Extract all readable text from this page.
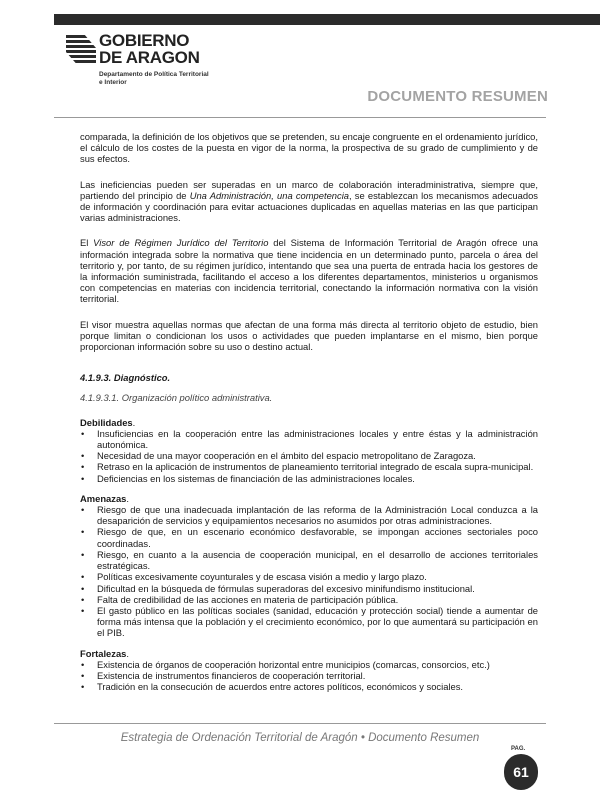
GOBIERNO
DE ARAGON
Departamento de Política Territorial
e Interior
DOCUMENTO RESUMEN

comparada, la definición de los objetivos que se pretenden, su encaje congruente en el ordenamiento jurídico, el cálculo de los costes de la puesta en vigor de la norma, la prospectiva de su grado de cumplimiento y de sus efectos.

Las ineficiencias pueden ser superadas en un marco de colaboración interadministrativa, siempre que, partiendo del principio de Una Administración, una competencia, se establezcan los mecanismos adecuados de información y coordinación para evitar actuaciones duplicadas en aquellas materias en las que participan varias administraciones.

El Visor de Régimen Jurídico del Territorio del Sistema de Información Territorial de Aragón ofrece una información integrada sobre la normativa que tiene incidencia en un determinado punto, parcela o área del territorio y, por tanto, de su régimen jurídico, intentando que sea una puerta de entrada hacia los gestores de la información suministrada, facilitando el acceso a los diferentes departamentos, ministerios u organismos con competencias en materias con incidencia territorial, conectando la información normativa con la visión territorial.

El visor muestra aquellas normas que afectan de una forma más directa al territorio objeto de estudio, bien porque limitan o condicionan los usos o actividades que pueden implantarse en el mismo, bien porque proporcionan información sobre su uso o destino actual.

4.1.9.3. Diagnóstico.
4.1.9.3.1. Organización político administrativa.
Debilidades.
• Insuficiencias en la cooperación entre las administraciones locales y entre éstas y la administración autonómica.
• Necesidad de una mayor cooperación en el ámbito del espacio metropolitano de Zaragoza.
• Retraso en la aplicación de instrumentos de planeamiento territorial integrado de escala supra-municipal.
• Deficiencias en los sistemas de financiación de las administraciones locales.
Amenazas.
• Riesgo de que una inadecuada implantación de las reforma de la Administración Local conduzca a la desaparición de servicios y equipamientos necesarios no asumidos por otras administraciones.
• Riesgo de que, en un escenario económico desfavorable, se impongan acciones sectoriales poco coordinadas.
• Riesgo, en cuanto a la ausencia de cooperación municipal, en el desarrollo de acciones territoriales estratégicas.
• Políticas excesivamente coyunturales y de escasa visión a medio y largo plazo.
• Dificultad en la búsqueda de fórmulas superadoras del excesivo minifundismo institucional.
• Falta de credibilidad de las acciones en materia de participación pública.
• El gasto público en las políticas sociales (sanidad, educación y protección social) tiende a aumentar de forma más intensa que la población y el crecimiento económico, por lo que aumentará su participación en el PIB.
Fortalezas.
• Existencia de órganos de cooperación horizontal entre municipios (comarcas, consorcios, etc.)
• Existencia de instrumentos financieros de cooperación territorial.
• Tradición en la consecución de acuerdos entre actores políticos, económicos y sociales.
Estrategia de Ordenación Territorial de Aragón • Documento Resumen
PAG.
61
